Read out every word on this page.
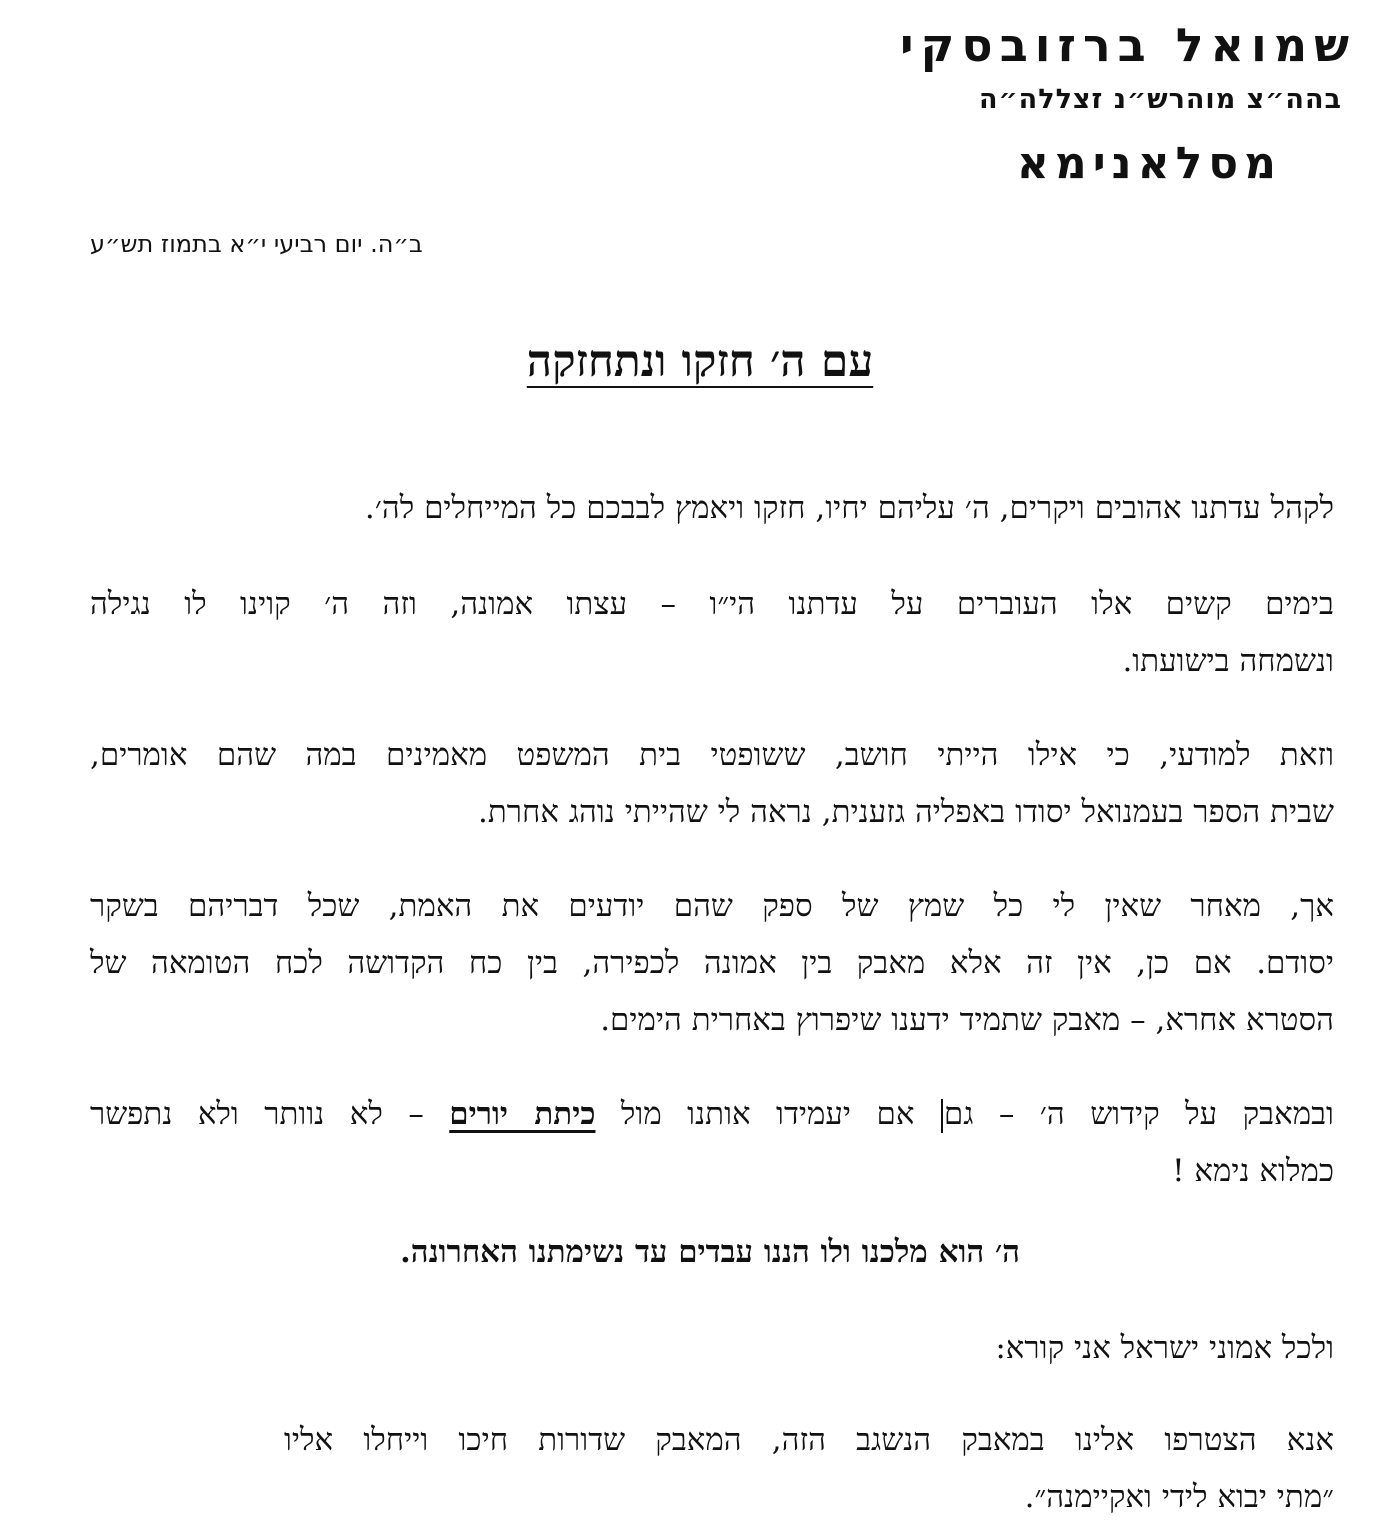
שמואל ברזובסקי
בהה״צ מוהרש״נ זצללה״ה
מסלאנימא
ב״ה. יום רביעי י״א בתמוז תש״ע
עם ה׳ חזקו ונתחזקה
לקהל עדתנו אהובים ויקרים, ה׳ עליהם יחיו, חזקו ויאמץ לבבכם כל המייחלים לה׳.
בימים קשים אלו העוברים על עדתנו הי״ו – עצתו אמונה, וזה ה׳ קוינו לו נגילה
ונשמחה בישועתו.
וזאת למודעי, כי אילו הייתי חושב, ששופטי בית המשפט מאמינים במה שהם אומרים,
שבית הספר בעמנואל יסודו באפליה גזענית, נראה לי שהייתי נוהג אחרת.
אך, מאחר שאין לי כל שמץ של ספק שהם יודעים את האמת, שכל דבריהם בשקר
יסודם. אם כן, אין זה אלא מאבק בין אמונה לכפירה, בין כח הקדושה לכח הטומאה של
הסטרא אחרא, – מאבק שתמיד ידענו שיפרוץ באחרית הימים.
ובמאבק על קידוש ה׳ – גם אם יעמידו אותנו מול כיתת יורים – לא נוותר ולא נתפשר
כמלוא נימא !
ה׳ הוא מלכנו ולו הננו עבדים עד נשימתנו האחרונה.
ולכל אמוני ישראל אני קורא:
אנא הצטרפו אלינו במאבק הנשגב הזה, המאבק שדורות חיכו וייחלו אליו
״מתי יבוא לידי ואקיימנה״.
